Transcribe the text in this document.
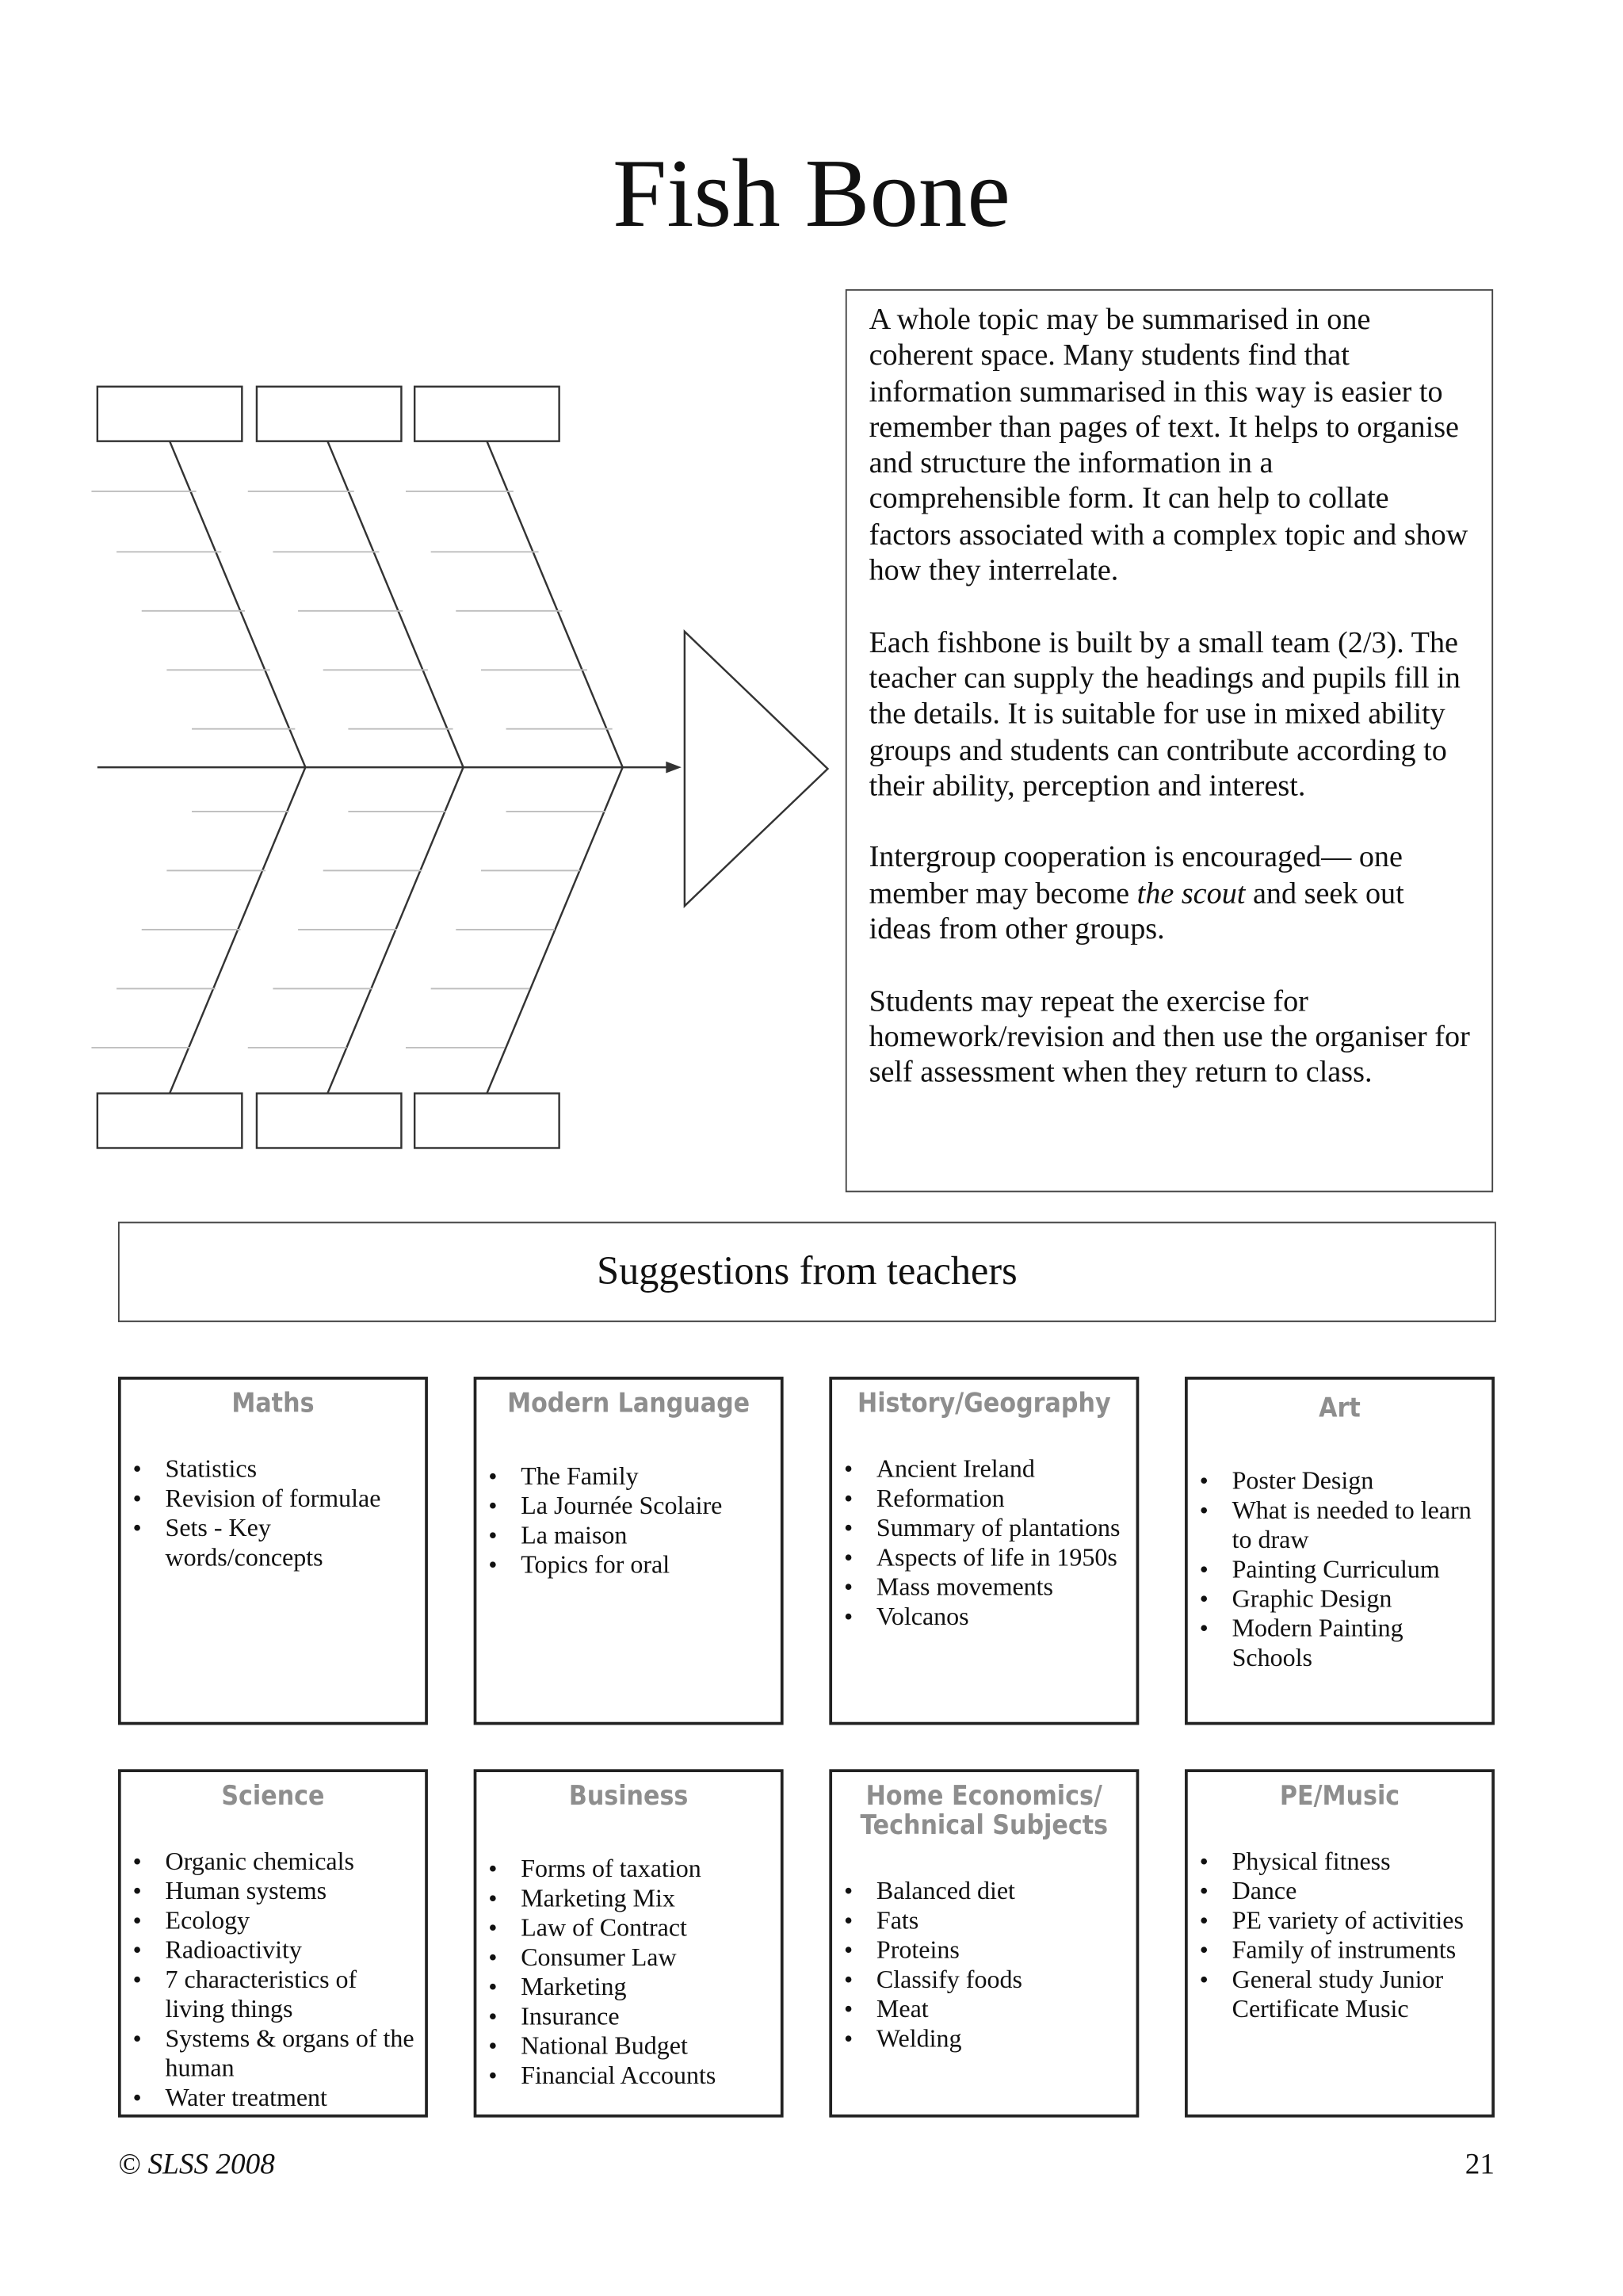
Fish Bone

A whole topic may be summarised in one coherent space. Many students find that information summarised in this way is easier to remember than pages of text. It helps to organise and structure the information in a comprehensible form. It can help to collate factors associated with a complex topic and show how they interrelate.

Each fishbone is built by a small team (2/3). The teacher can supply the headings and pupils fill in the details. It is suitable for use in mixed ability groups and students can contribute according to their ability, perception and interest.

Intergroup cooperation is encouraged— one member may become the scout and seek out ideas from other groups.

Students may repeat the exercise for homework/revision and then use the organiser for self assessment when they return to class.

Suggestions from teachers
Maths
• Statistics
• Revision of formulae
• Sets - Key words/concepts
Modern Language
• The Family
• La Journée Scolaire
• La maison
• Topics for oral
History/Geography
• Ancient Ireland
• Reformation
• Summary of plantations
• Aspects of life in 1950s
• Mass movements
• Volcanos
Art
• Poster Design
• What is needed to learn to draw
• Painting Curriculum
• Graphic Design
• Modern Painting Schools
Science
• Organic chemicals
• Human systems
• Ecology
• Radioactivity
• 7 characteristics of living things
• Systems & organs of the human
• Water treatment
Business
• Forms of taxation
• Marketing Mix
• Law of Contract
• Consumer Law
• Marketing
• Insurance
• National Budget
• Financial Accounts
Home Economics/
Technical Subjects
• Balanced diet
• Fats
• Proteins
• Classify foods
• Meat
• Welding
PE/Music
• Physical fitness
• Dance
• PE variety of activities
• Family of instruments
• General study Junior Certificate Music
© SLSS 2008	21
